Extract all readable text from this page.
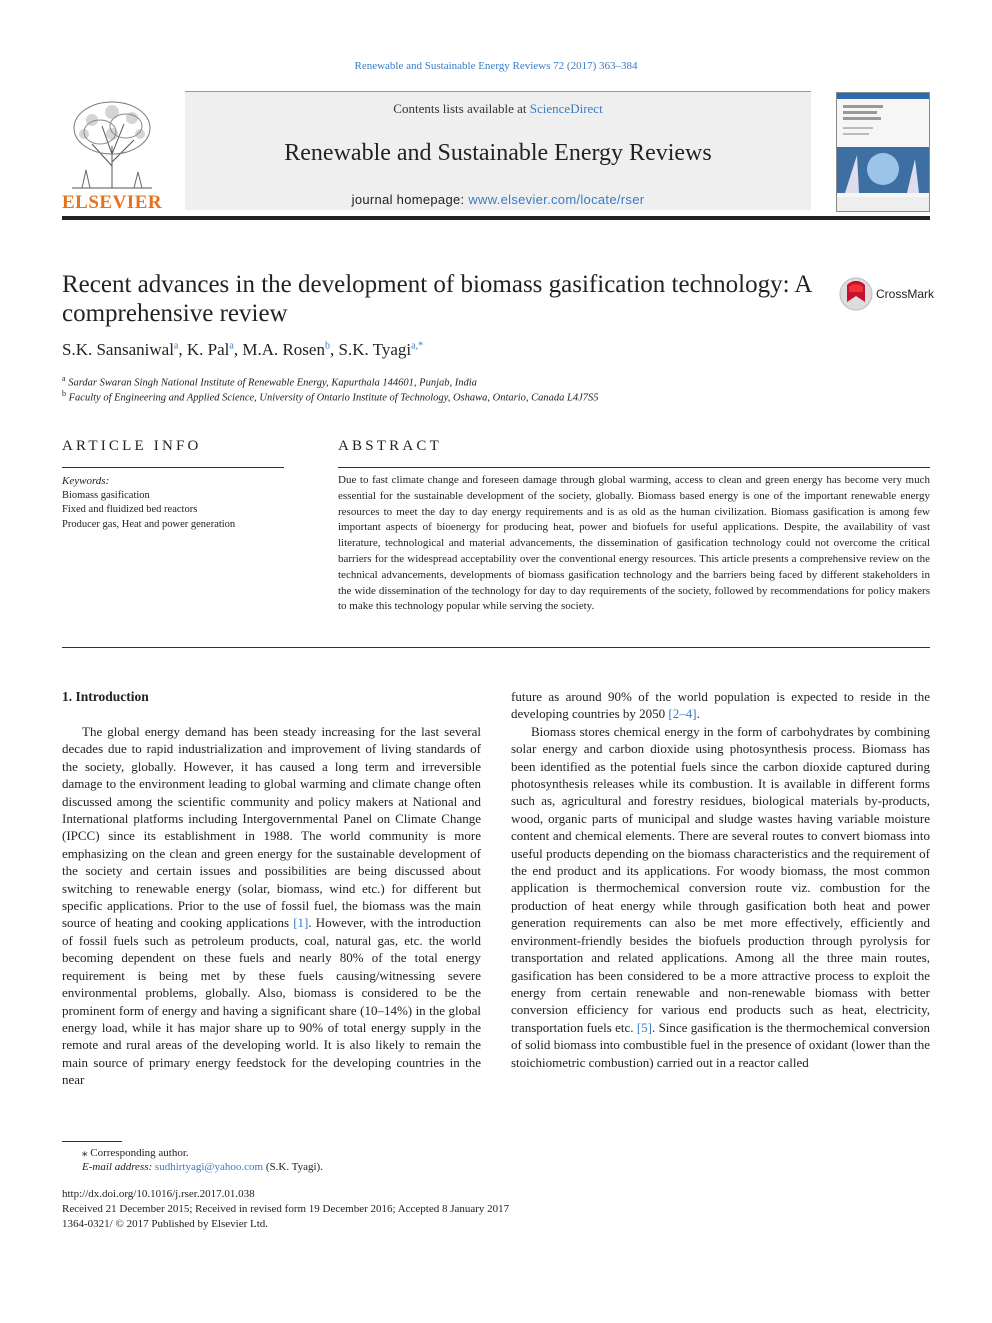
Renewable and Sustainable Energy Reviews 72 (2017) 363–384
ELSEVIER
Contents lists available at ScienceDirect
Renewable and Sustainable Energy Reviews
journal homepage: www.elsevier.com/locate/rser
Recent advances in the development of biomass gasification technology: A comprehensive review
CrossMark
S.K. Sansaniwal$^a$, K. Pal$^a$, M.A. Rosen$^b$, S.K. Tyagi$^{a,*}$
$^a$ Sardar Swaran Singh National Institute of Renewable Energy, Kapurthala 144601, Punjab, India
$^b$ Faculty of Engineering and Applied Science, University of Ontario Institute of Technology, Oshawa, Ontario, Canada L4J7S5
ARTICLE INFO
Keywords:
Biomass gasification
Fixed and fluidized bed reactors
Producer gas, Heat and power generation
ABSTRACT
Due to fast climate change and foreseen damage through global warming, access to clean and green energy has become very much essential for the sustainable development of the society, globally. Biomass based energy is one of the important renewable energy resources to meet the day to day energy requirements and is as old as the human civilization. Biomass gasification is among few important aspects of bioenergy for producing heat, power and biofuels for useful applications. Despite, the availability of vast literature, technological and material advancements, the dissemination of gasification technology could not overcome the critical barriers for the widespread acceptability over the conventional energy resources. This article presents a comprehensive review on the technical advancements, developments of biomass gasification technology and the barriers being faced by different stakeholders in the wide dissemination of the technology for day to day requirements of the society, followed by recommendations for policy makers to make this technology popular while serving the society.
1. Introduction

The global energy demand has been steady increasing for the last several decades due to rapid industrialization and improvement of living standards of the society, globally. However, it has caused a long term and irreversible damage to the environment leading to global warming and climate change often discussed among the scientific community and policy makers at National and International platforms including Intergovernmental Panel on Climate Change (IPCC) since its establishment in 1988. The world community is more emphasizing on the clean and green energy for the sustainable development of the society and certain issues and possibilities are being discussed about switching to renewable energy (solar, biomass, wind etc.) for different but specific applications. Prior to the use of fossil fuel, the biomass was the main source of heating and cooking applications [1]. However, with the introduction of fossil fuels such as petroleum products, coal, natural gas, etc. the world becoming dependent on these fuels and nearly 80% of the total energy requirement is being met by these fuels causing/witnessing severe environmental problems, globally. Also, biomass is considered to be the prominent form of energy and having a significant share (10–14%) in the global energy load, while it has major share up to 90% of total energy supply in the remote and rural areas of the developing world. It is also likely to remain the main source of primary energy feedstock for the developing countries in the near

future as around 90% of the world population is expected to reside in the developing countries by 2050 [2–4].

Biomass stores chemical energy in the form of carbohydrates by combining solar energy and carbon dioxide using photosynthesis process. Biomass has been identified as the potential fuels since the carbon dioxide captured during photosynthesis releases while its combustion. It is available in different forms such as, agricultural and forestry residues, biological materials by-products, wood, organic parts of municipal and sludge wastes having variable moisture content and chemical elements. There are several routes to convert biomass into useful products depending on the biomass characteristics and the requirement of the end product and its applications. For woody biomass, the most common application is thermochemical conversion route viz. combustion for the production of heat energy while through gasification both heat and power generation requirements can also be met more effectively, efficiently and environment-friendly besides the biofuels production through pyrolysis for transportation and related applications. Among all the three main routes, gasification has been considered to be a more attractive process to exploit the energy from certain renewable and non-renewable biomass with better conversion efficiency for various end products such as heat, electricity, transportation fuels etc. [5]. Since gasification is the thermochemical conversion of solid biomass into combustible fuel in the presence of oxidant (lower than the stoichiometric combustion) carried out in a reactor called

⁎ Corresponding author.
E-mail address: sudhirtyagi@yahoo.com (S.K. Tyagi).
http://dx.doi.org/10.1016/j.rser.2017.01.038
Received 21 December 2015; Received in revised form 19 December 2016; Accepted 8 January 2017
1364-0321/ © 2017 Published by Elsevier Ltd.
